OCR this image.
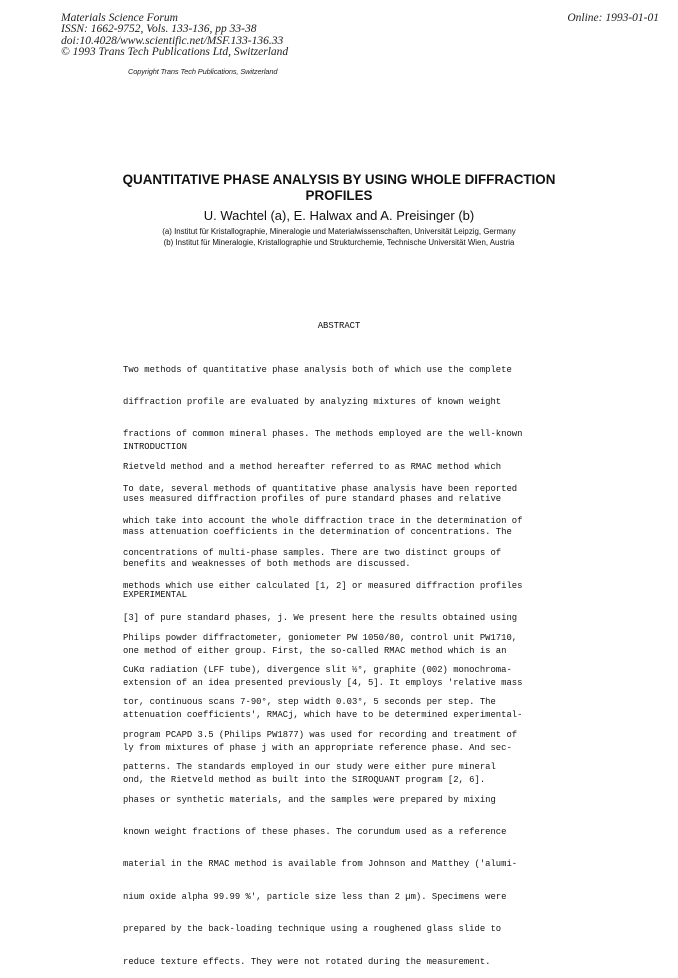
Materials Science Forum
ISSN: 1662-9752, Vols. 133-136, pp 33-38
doi:10.4028/www.scientific.net/MSF.133-136.33
© 1993 Trans Tech Publications Ltd, Switzerland
Online: 1993-01-01
Copyright Trans Tech Publications, Switzerland
QUANTITATIVE PHASE ANALYSIS BY USING WHOLE DIFFRACTION
PROFILES
U. Wachtel (a), E. Halwax and A. Preisinger (b)
(a) Institut für Kristallographie, Mineralogie und Materialwissenschaften, Universität Leipzig, Germany
(b) Institut für Mineralogie, Kristallographie und Strukturchemie, Technische Universität Wien, Austria
ABSTRACT

Two methods of quantitative phase analysis both of which use the complete

diffraction profile are evaluated by analyzing mixtures of known weight

fractions of common mineral phases. The methods employed are the well-known

Rietveld method and a method hereafter referred to as RMAC method which

uses measured diffraction profiles of pure standard phases and relative

mass attenuation coefficients in the determination of concentrations. The

benefits and weaknesses of both methods are discussed.

INTRODUCTION

To date, several methods of quantitative phase analysis have been reported

which take into account the whole diffraction trace in the determination of

concentrations of multi-phase samples. There are two distinct groups of

methods which use either calculated [1, 2] or measured diffraction profiles

[3] of pure standard phases, j. We present here the results obtained using

one method of either group. First, the so-called RMAC method which is an

extension of an idea presented previously [4, 5]. It employs 'relative mass

attenuation coefficients', RMACj, which have to be determined experimental-

ly from mixtures of phase j with an appropriate reference phase. And sec-

ond, the Rietveld method as built into the SIROQUANT program [2, 6].

EXPERIMENTAL

Philips powder diffractometer, goniometer PW 1050/80, control unit PW1710,

CuKα radiation (LFF tube), divergence slit ½°, graphite (002) monochroma-

tor, continuous scans 7-90°, step width 0.03°, 5 seconds per step. The

program PCAPD 3.5 (Philips PW1877) was used for recording and treatment of

patterns. The standards employed in our study were either pure mineral

phases or synthetic materials, and the samples were prepared by mixing

known weight fractions of these phases. The corundum used as a reference

material in the RMAC method is available from Johnson and Matthey ('alumi-

nium oxide alpha 99.99 %', particle size less than 2 µm). Specimens were

prepared by the back-loading technique using a roughened glass slide to

reduce texture effects. They were not rotated during the measurement.
